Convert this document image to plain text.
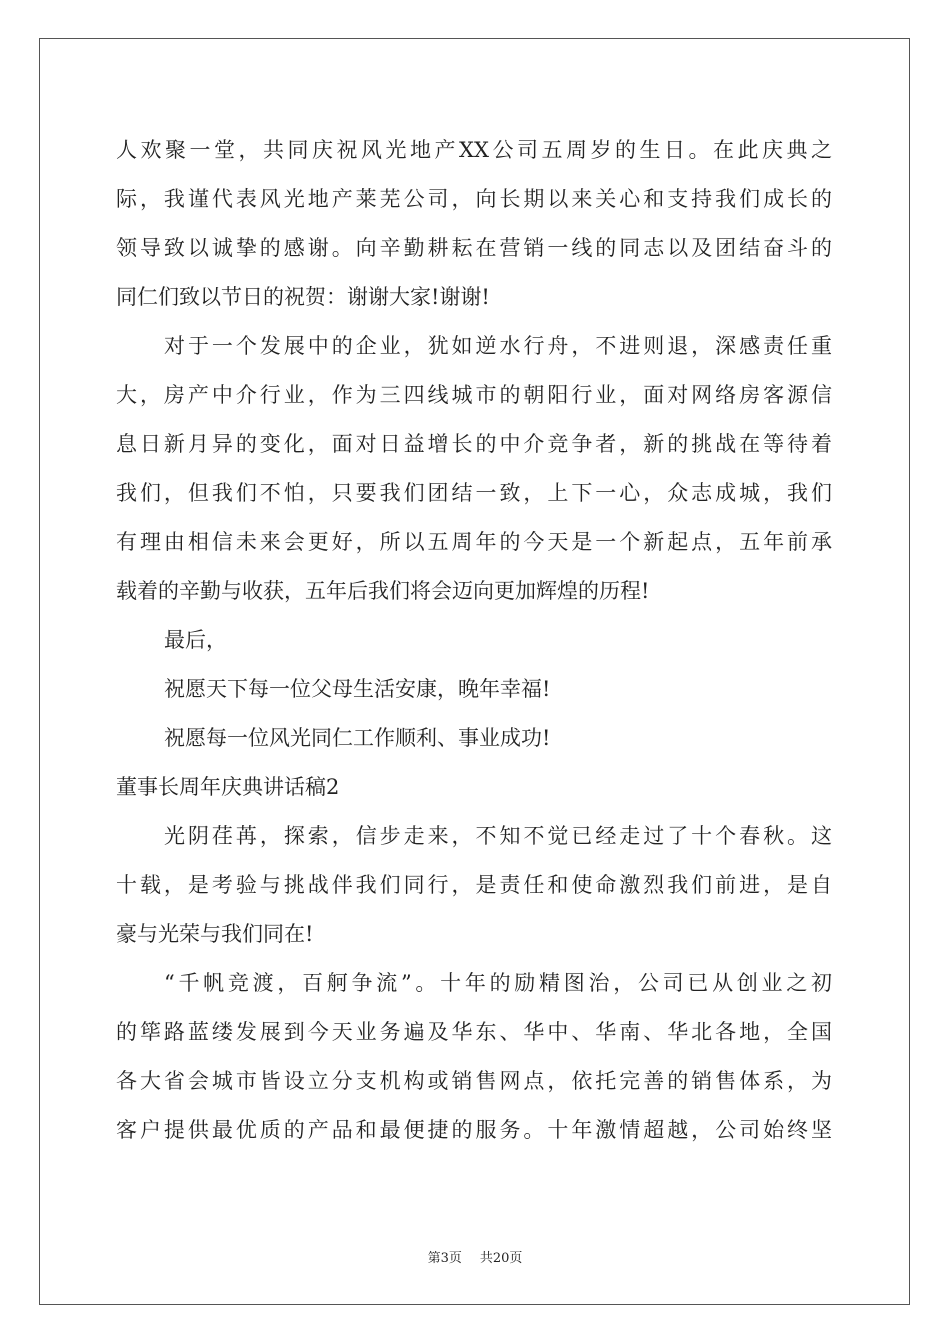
人欢聚一堂，共同庆祝风光地产XX公司五周岁的生日。在此庆典之
际，我谨代表风光地产莱芜公司，向长期以来关心和支持我们成长的
领导致以诚挚的感谢。向辛勤耕耘在营销一线的同志以及团结奋斗的
同仁们致以节日的祝贺：谢谢大家!谢谢!
对于一个发展中的企业，犹如逆水行舟，不进则退，深感责任重
大，房产中介行业，作为三四线城市的朝阳行业，面对网络房客源信
息日新月异的变化，面对日益增长的中介竞争者，新的挑战在等待着
我们，但我们不怕，只要我们团结一致，上下一心，众志成城，我们
有理由相信未来会更好，所以五周年的今天是一个新起点，五年前承
载着的辛勤与收获，五年后我们将会迈向更加辉煌的历程!
最后，
祝愿天下每一位父母生活安康，晚年幸福!
祝愿每一位风光同仁工作顺利、事业成功!
董事长周年庆典讲话稿2
光阴荏苒，探索，信步走来，不知不觉已经走过了十个春秋。这
十载，是考验与挑战伴我们同行，是责任和使命激烈我们前进，是自
豪与光荣与我们同在!
“千帆竞渡，百舸争流”。十年的励精图治，公司已从创业之初
的筚路蓝缕发展到今天业务遍及华东、华中、华南、华北各地，全国
各大省会城市皆设立分支机构或销售网点，依托完善的销售体系，为
客户提供最优质的产品和最便捷的服务。十年激情超越，公司始终坚
第3页 共20页
